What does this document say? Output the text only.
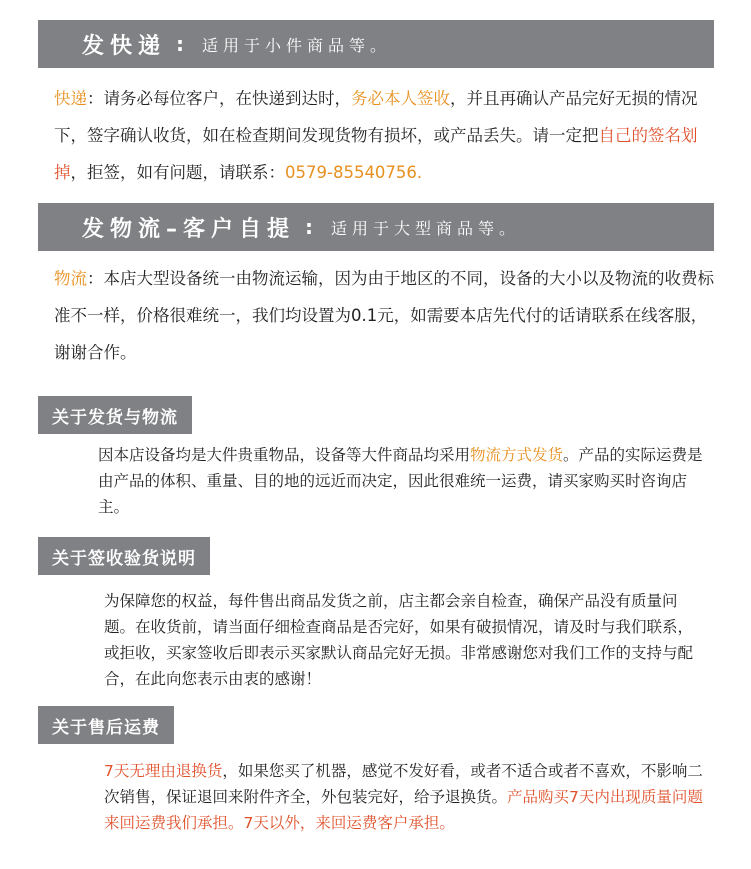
发快递 : 适用于小件商品等。
快递：请务必每位客户，在快递到达时，务必本人签收，并且再确认产品完好无损的情况下，签字确认收货，如在检查期间发现货物有损坏，或产品丢失。请一定把自己的签名划掉，拒签，如有问题，请联系：0579-85540756.
发物流–客户自提 : 适用于大型商品等。
物流：本店大型设备统一由物流运输，因为由于地区的不同，设备的大小以及物流的收费标准不一样，价格很难统一，我们均设置为0.1元，如需要本店先代付的话请联系在线客服，谢谢合作。
关于发货与物流
因本店设备均是大件贵重物品，设备等大件商品均采用物流方式发货。产品的实际运费是由产品的体积、重量、目的地的远近而决定，因此很难统一运费，请买家购买时咨询店主。
关于签收验货说明
为保障您的权益，每件售出商品发货之前，店主都会亲自检查，确保产品没有质量问题。在收货前，请当面仔细检查商品是否完好，如果有破损情况，请及时与我们联系，或拒收，买家签收后即表示买家默认商品完好无损。非常感谢您对我们工作的支持与配合，在此向您表示由衷的感谢！
关于售后运费
7天无理由退换货，如果您买了机器，感觉不发好看，或者不适合或者不喜欢，不影响二次销售，保证退回来附件齐全，外包装完好，给予退换货。产品购买7天内出现质量问题来回运费我们承担。7天以外，来回运费客户承担。
